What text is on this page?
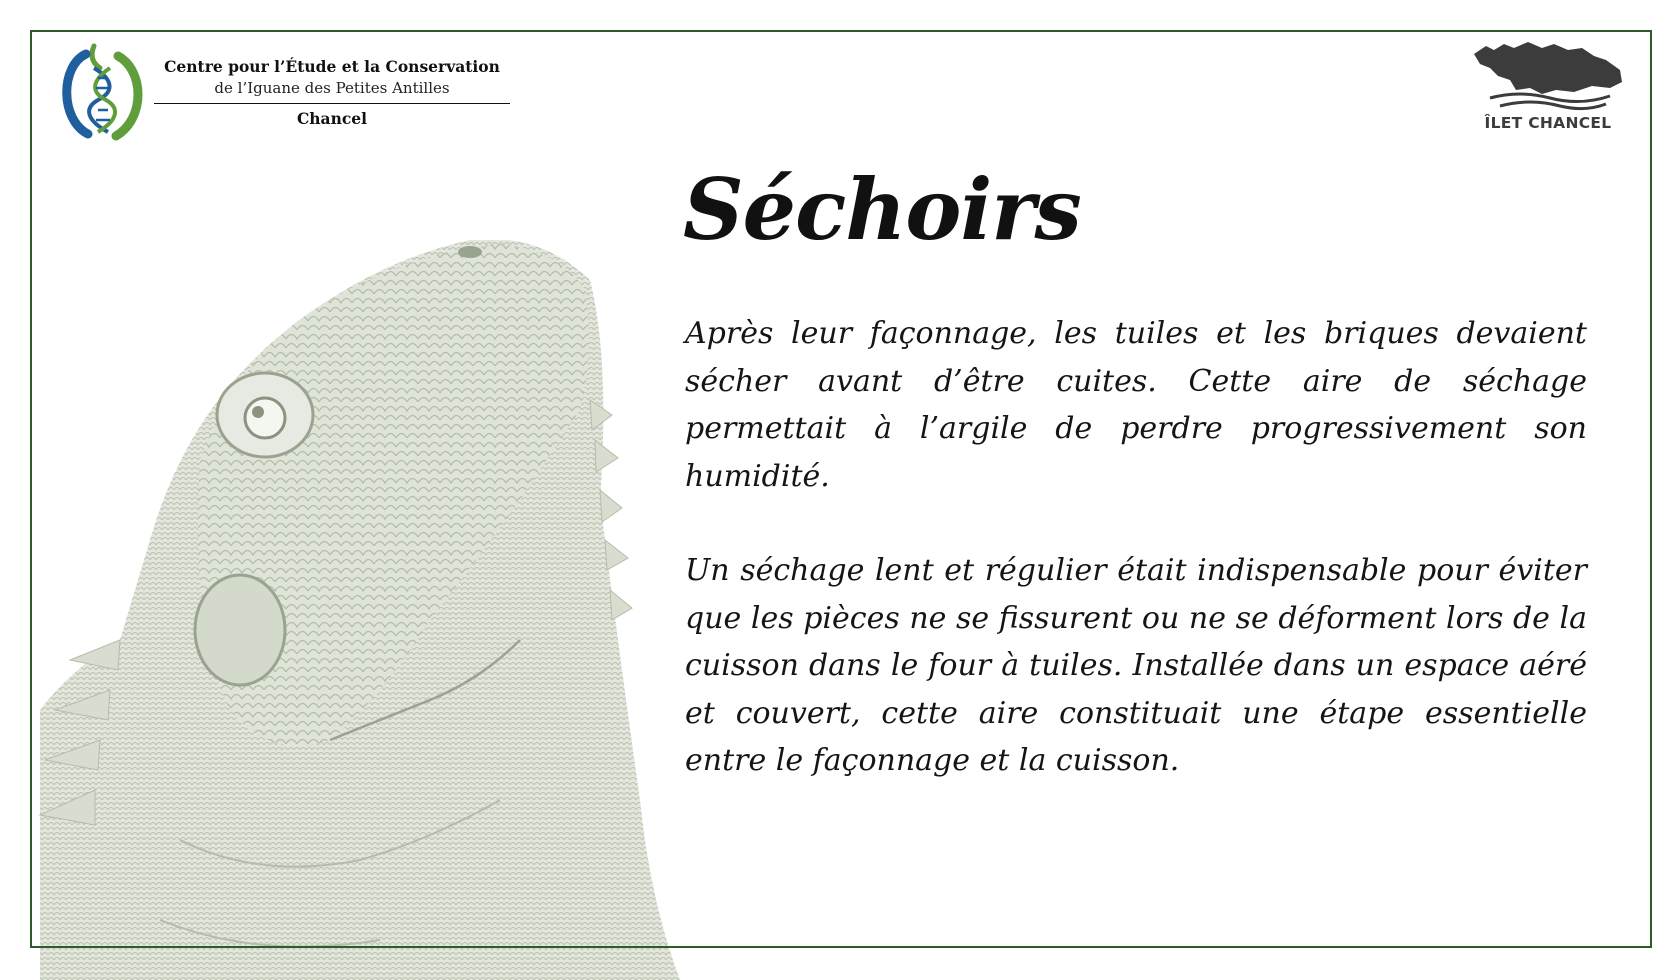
Centre pour l’Étude et la Conservation
de l’Iguane des Petites Antilles
Chancel	ÎLET CHANCEL
Séchoirs

Après leur façonnage, les tuiles et les briques devaient sécher avant d’être cuites. Cette aire de séchage permettait à l’argile de perdre progressivement son humidité.

Un séchage lent et régulier était indispensable pour éviter que les pièces ne se fissurent ou ne se déforment lors de la cuisson dans le four à tuiles. Installée dans un espace aéré et couvert, cette aire constituait une étape essentielle entre le façonnage et la cuisson.
